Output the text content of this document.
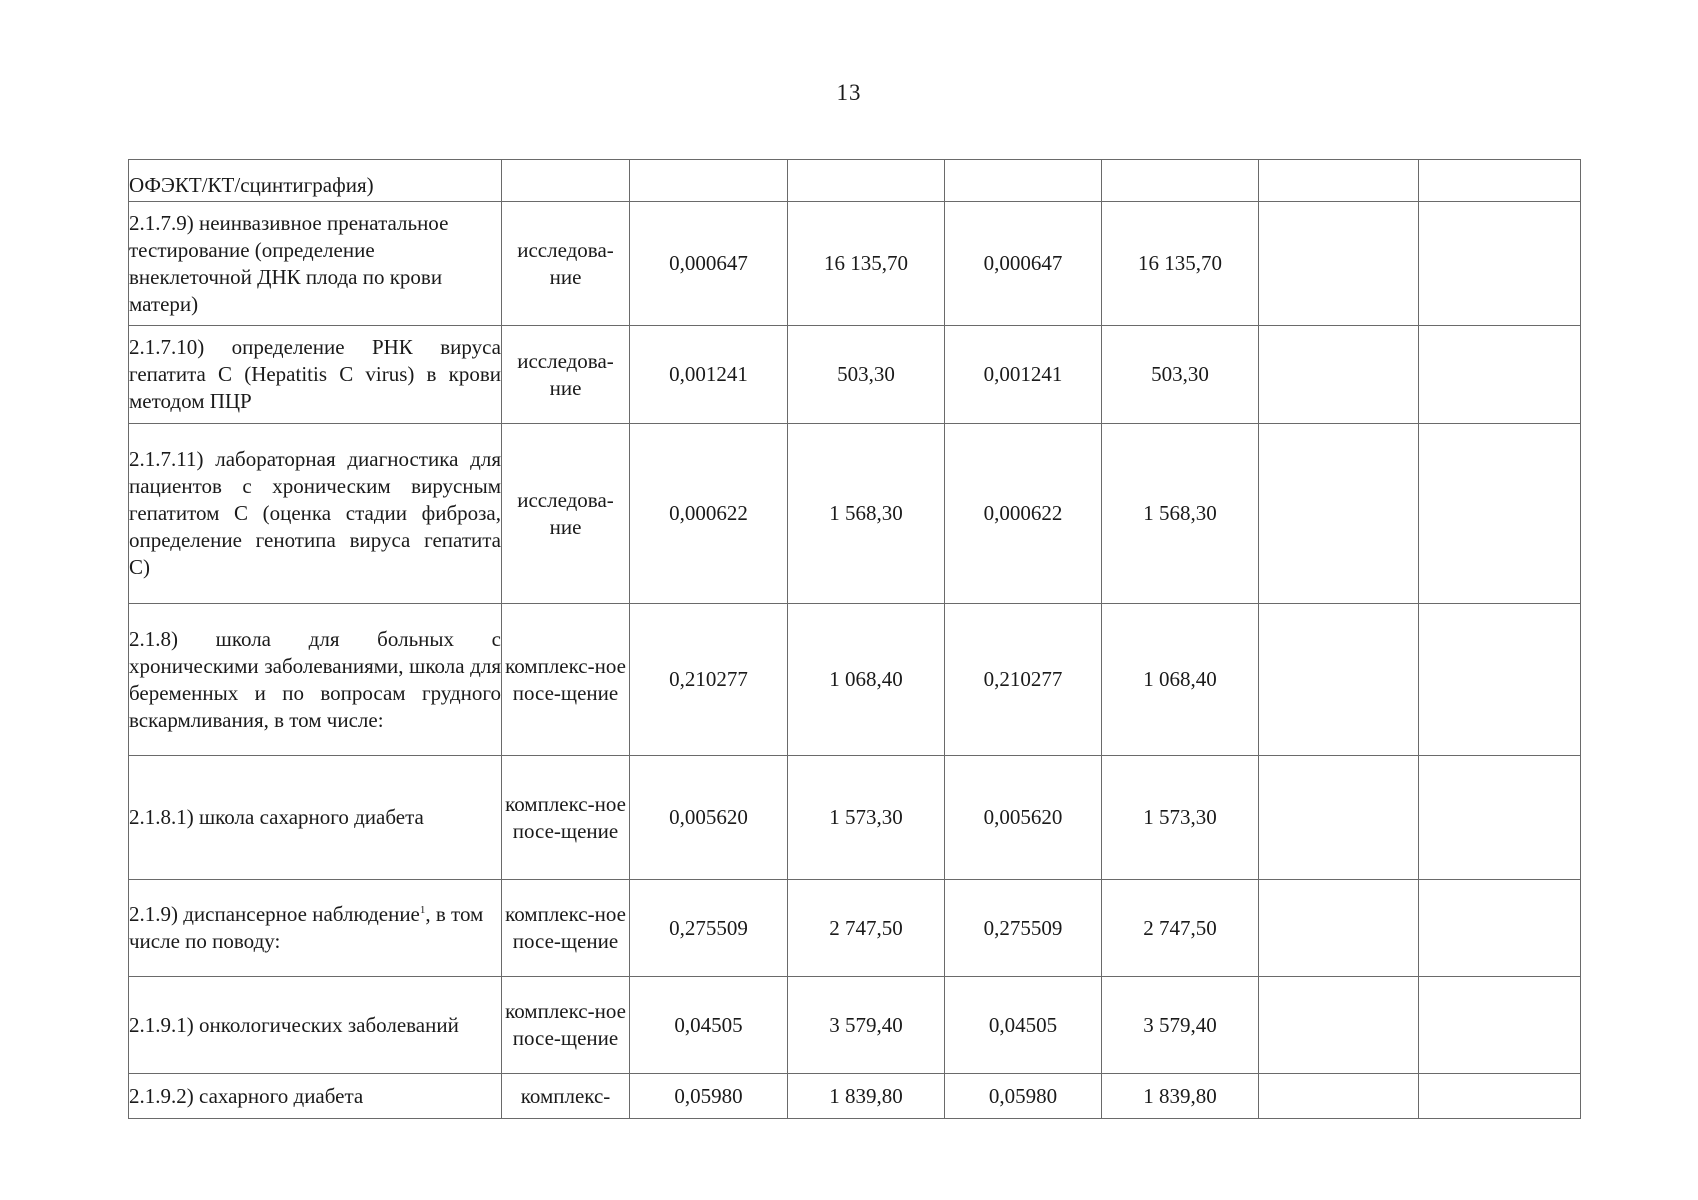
13
ОФЭКТ/КТ/сцинтиграфия)							
2.1.7.9) неинвазивное пренатальное тестирование (определение внеклеточной ДНК плода по крови матери)	исследова-ние	0,000647	16 135,70	0,000647	16 135,70		
2.1.7.10) определение РНК вируса гепатита C (Hepatitis C virus) в крови методом ПЦР	исследова-ние	0,001241	503,30	0,001241	503,30		
2.1.7.11) лабораторная диагностика для пациентов с хроническим вирусным гепатитом С (оценка стадии фиброза, определение генотипа вируса гепатита С)	исследова-ние	0,000622	1 568,30	0,000622	1 568,30		
2.1.8) школа для больных с хроническими заболеваниями, школа для беременных и по вопросам грудного вскармливания, в том числе:	комплекс-ное посе-щение	0,210277	1 068,40	0,210277	1 068,40		
2.1.8.1) школа сахарного диабета	комплекс-ное посе-щение	0,005620	1 573,30	0,005620	1 573,30		
2.1.9) диспансерное наблюдение$^1$, в том числе по поводу:	комплекс-ное посе-щение	0,275509	2 747,50	0,275509	2 747,50		
2.1.9.1) онкологических заболеваний	комплекс-ное посе-щение	0,04505	3 579,40	0,04505	3 579,40		
2.1.9.2) сахарного диабета	комплекс-	0,05980	1 839,80	0,05980	1 839,80		
